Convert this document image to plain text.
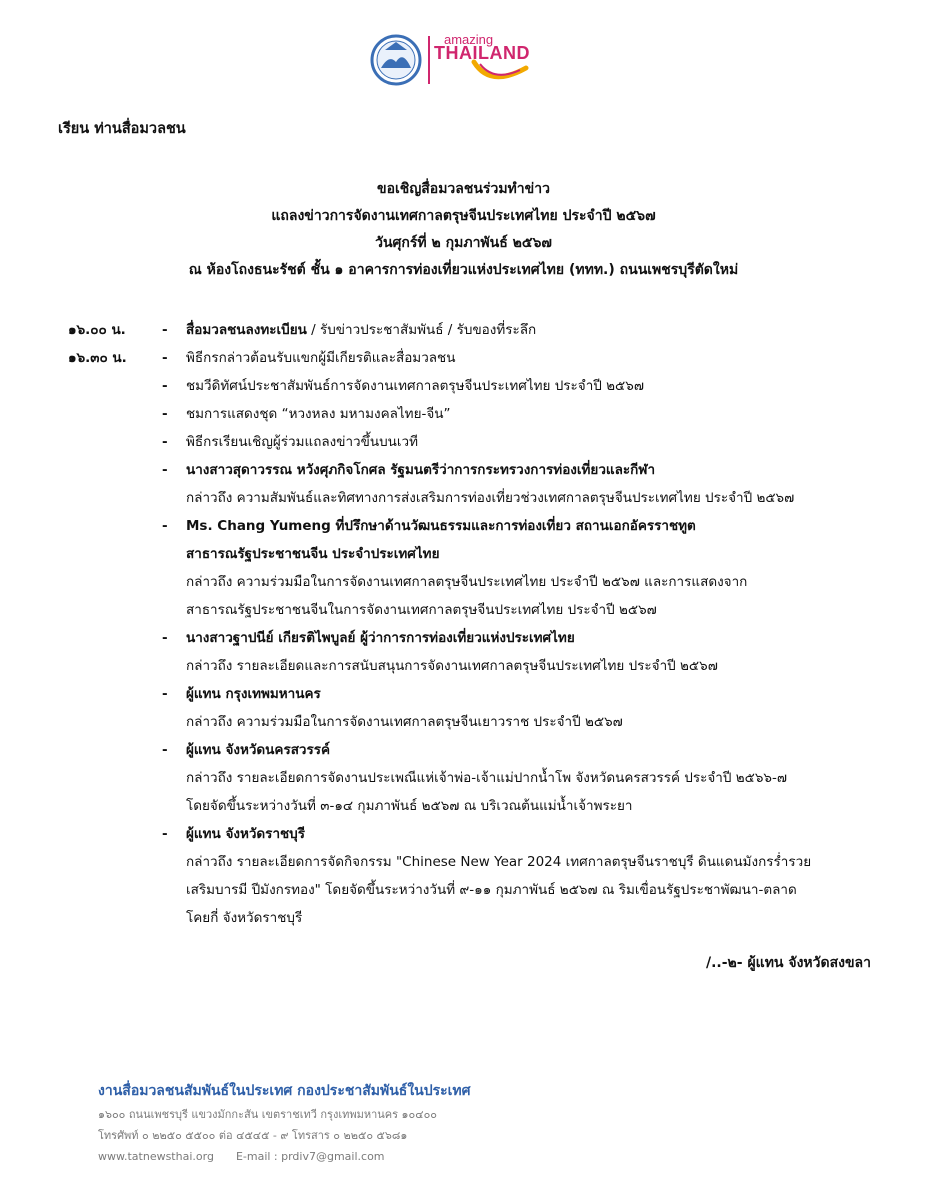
amazing
THAILAND
เรียน ท่านสื่อมวลชน
ขอเชิญสื่อมวลชนร่วมทำข่าว
แถลงข่าวการจัดงานเทศกาลตรุษจีนประเทศไทย ประจำปี ๒๕๖๗
วันศุกร์ที่ ๒ กุมภาพันธ์ ๒๕๖๗
ณ ห้องโถงธนะรัชต์ ชั้น ๑ อาคารการท่องเที่ยวแห่งประเทศไทย (ททท.) ถนนเพชรบุรีตัดใหม่
๑๖.๐๐ น.	- สื่อมวลชนลงทะเบียน / รับข่าวประชาสัมพันธ์ / รับของที่ระลึก
๑๖.๓๐ น.	- พิธีกรกล่าวต้อนรับแขกผู้มีเกียรติและสื่อมวลชน
- ชมวีดิทัศน์ประชาสัมพันธ์การจัดงานเทศกาลตรุษจีนประเทศไทย ประจำปี ๒๕๖๗
- ชมการแสดงชุด “หวงหลง มหามงคลไทย-จีน”
- พิธีกรเรียนเชิญผู้ร่วมแถลงข่าวขึ้นบนเวที
- นางสาวสุดาวรรณ หวังศุภกิจโกศล รัฐมนตรีว่าการกระทรวงการท่องเที่ยวและกีฬา
กล่าวถึง ความสัมพันธ์และทิศทางการส่งเสริมการท่องเที่ยวช่วงเทศกาลตรุษจีนประเทศไทย ประจำปี ๒๕๖๗
- Ms. Chang Yumeng ที่ปรึกษาด้านวัฒนธรรมและการท่องเที่ยว สถานเอกอัครราชทูต
สาธารณรัฐประชาชนจีน ประจำประเทศไทย
กล่าวถึง ความร่วมมือในการจัดงานเทศกาลตรุษจีนประเทศไทย ประจำปี ๒๕๖๗ และการแสดงจาก
สาธารณรัฐประชาชนจีนในการจัดงานเทศกาลตรุษจีนประเทศไทย ประจำปี ๒๕๖๗
- นางสาวฐาปนีย์ เกียรติไพบูลย์ ผู้ว่าการการท่องเที่ยวแห่งประเทศไทย
กล่าวถึง รายละเอียดและการสนับสนุนการจัดงานเทศกาลตรุษจีนประเทศไทย ประจำปี ๒๕๖๗
- ผู้แทน กรุงเทพมหานคร
กล่าวถึง ความร่วมมือในการจัดงานเทศกาลตรุษจีนเยาวราช ประจำปี ๒๕๖๗
- ผู้แทน จังหวัดนครสวรรค์
กล่าวถึง รายละเอียดการจัดงานประเพณีแห่เจ้าพ่อ-เจ้าแม่ปากน้ำโพ จังหวัดนครสวรรค์ ประจำปี ๒๕๖๖-๗
โดยจัดขึ้นระหว่างวันที่ ๓-๑๔ กุมภาพันธ์ ๒๕๖๗ ณ บริเวณต้นแม่น้ำเจ้าพระยา
- ผู้แทน จังหวัดราชบุรี
กล่าวถึง รายละเอียดการจัดกิจกรรม "Chinese New Year 2024 เทศกาลตรุษจีนราชบุรี ดินแดนมังกรร่ำรวย
เสริมบารมี ปีมังกรทอง" โดยจัดขึ้นระหว่างวันที่ ๙-๑๑ กุมภาพันธ์ ๒๕๖๗ ณ ริมเขื่อนรัฐประชาพัฒนา-ตลาด
โคยกี่ จังหวัดราชบุรี
/..-๒- ผู้แทน จังหวัดสงขลา
งานสื่อมวลชนสัมพันธ์ในประเทศ กองประชาสัมพันธ์ในประเทศ
๑๖๐๐ ถนนเพชรบุรี แขวงมักกะสัน เขตราชเทวี กรุงเทพมหานคร ๑๐๔๐๐
โทรศัพท์ ๐ ๒๒๕๐ ๕๕๐๐ ต่อ ๔๕๔๕ - ๙ โทรสาร ๐ ๒๒๕๐ ๕๖๘๑
www.tatnewsthai.org E-mail : prdiv7@gmail.com
